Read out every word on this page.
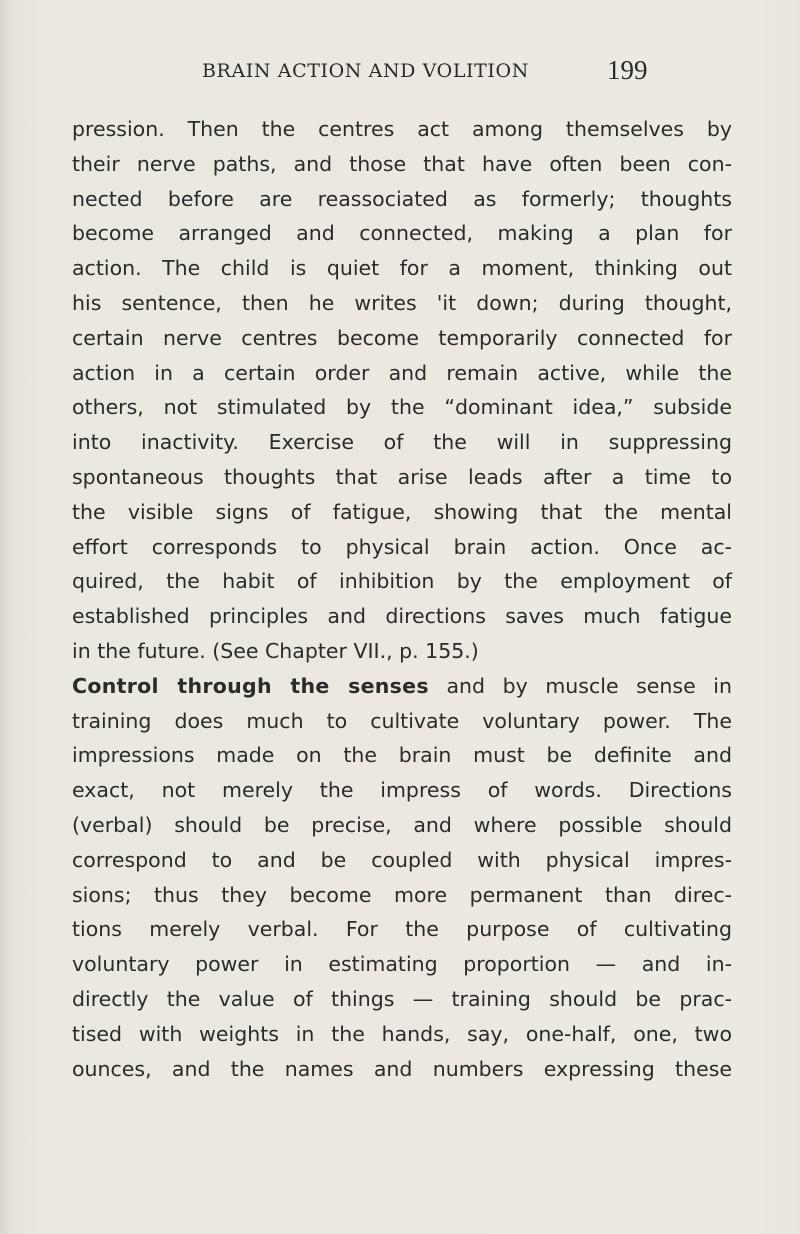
BRAIN ACTION AND VOLITION	199
pression. Then the centres act among themselves by
their nerve paths, and those that have often been con-
nected before are reassociated as formerly; thoughts
become arranged and connected, making a plan for
action. The child is quiet for a moment, thinking out
his sentence, then he writes 'it down; during thought,
certain nerve centres become temporarily connected for
action in a certain order and remain active, while the
others, not stimulated by the “dominant idea,” subside
into inactivity. Exercise of the will in suppressing
spontaneous thoughts that arise leads after a time to
the visible signs of fatigue, showing that the mental
effort corresponds to physical brain action. Once ac-
quired, the habit of inhibition by the employment of
established principles and directions saves much fatigue
in the future. (See Chapter VII., p. 155.)
Control through the senses and by muscle sense in
training does much to cultivate voluntary power. The
impressions made on the brain must be definite and
exact, not merely the impress of words. Directions
(verbal) should be precise, and where possible should
correspond to and be coupled with physical impres-
sions; thus they become more permanent than direc-
tions merely verbal. For the purpose of cultivating
voluntary power in estimating proportion — and in-
directly the value of things — training should be prac-
tised with weights in the hands, say, one-half, one, two
ounces, and the names and numbers expressing these
